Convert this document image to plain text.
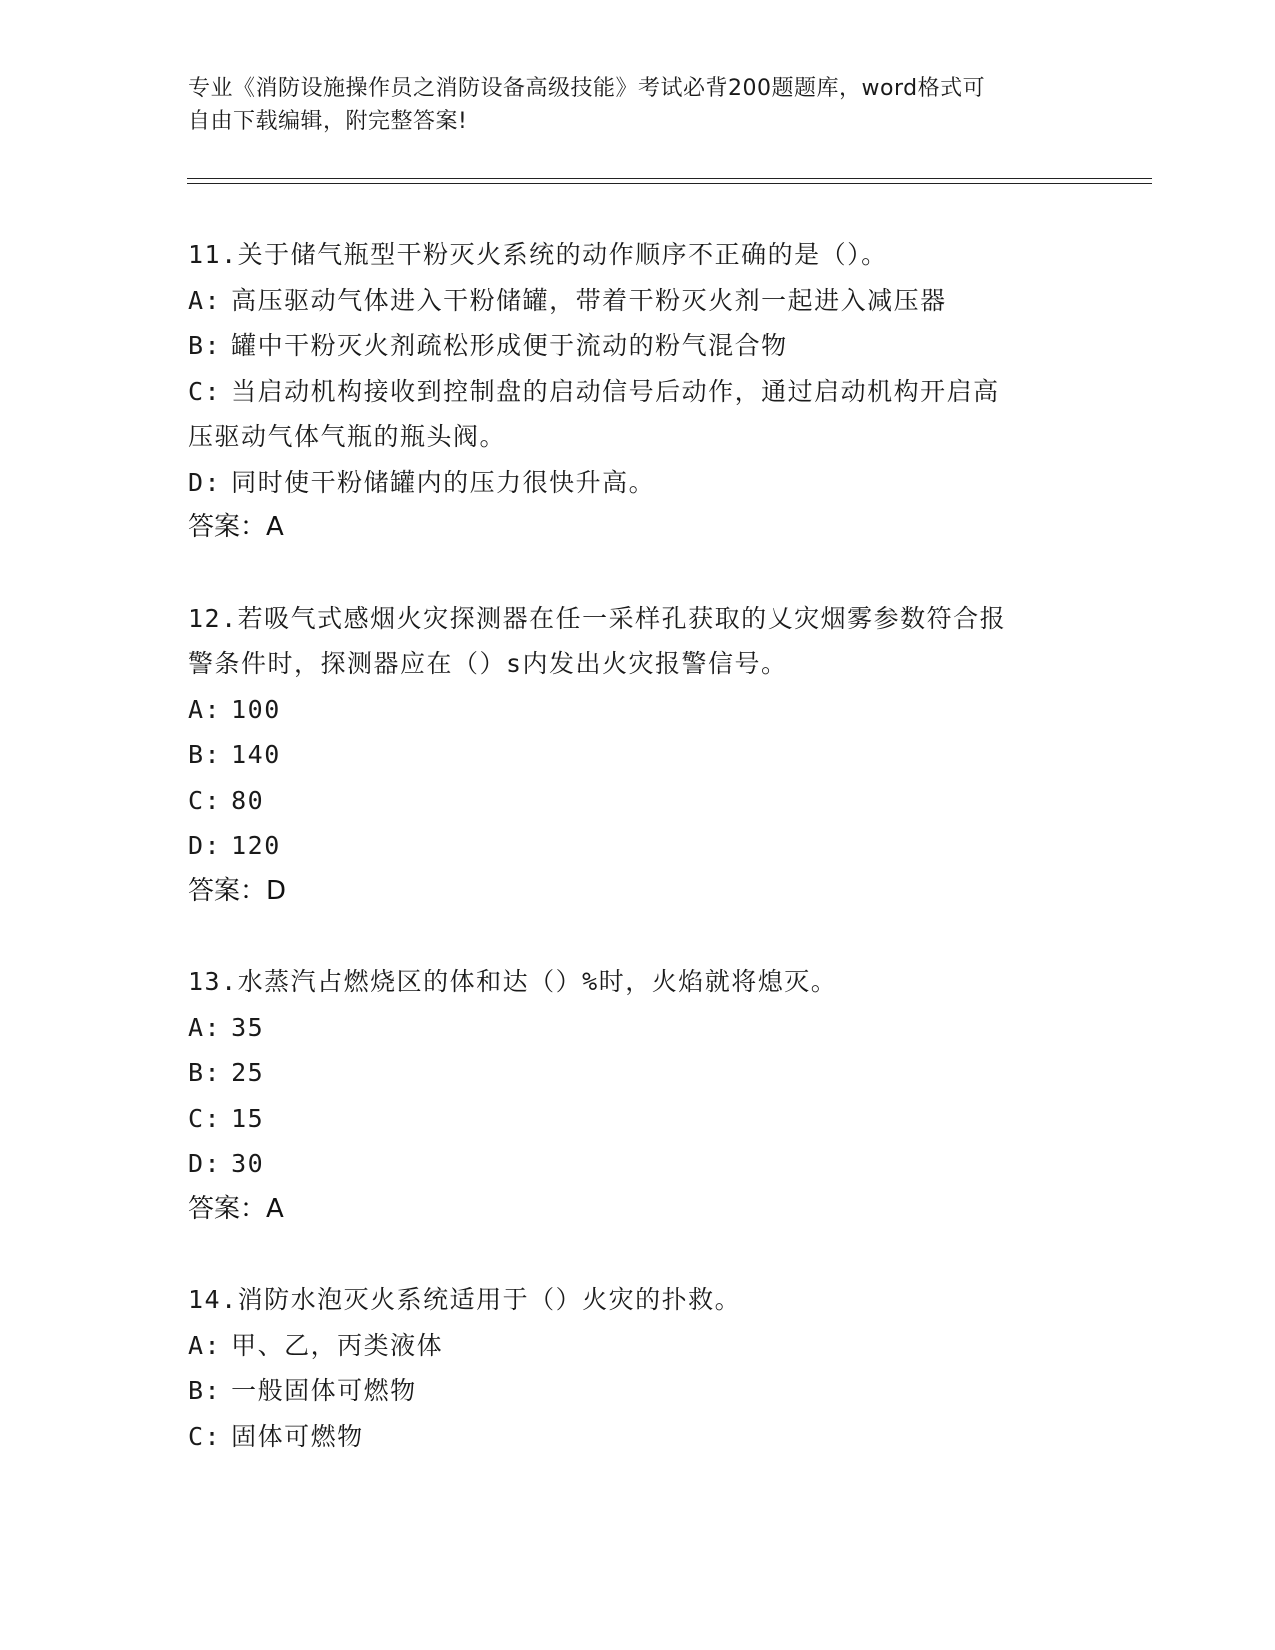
专业《消防设施操作员之消防设备高级技能》考试必背200题题库，word格式可
自由下载编辑，附完整答案!
11.关于储气瓶型干粉灭火系统的动作顺序不正确的是（）。
A: 高压驱动气体进入干粉储罐，带着干粉灭火剂一起进入减压器
B: 罐中干粉灭火剂疏松形成便于流动的粉气混合物
C: 当启动机构接收到控制盘的启动信号后动作，通过启动机构开启高
压驱动气体气瓶的瓶头阀。
D: 同时使干粉储罐内的压力很快升高。
答案：A
12.若吸气式感烟火灾探测器在任一采样孔获取的乂灾烟雾参数符合报
警条件时，探测器应在（）s内发出火灾报警信号。
A: 100
B: 140
C: 80
D: 120
答案：D
13.水蒸汽占燃烧区的体和达（）%时，火焰就将熄灭。
A: 35
B: 25
C: 15
D: 30
答案：A
14.消防水泡灭火系统适用于（）火灾的扑救。
A: 甲、乙，丙类液体
B: 一般固体可燃物
C: 固体可燃物
